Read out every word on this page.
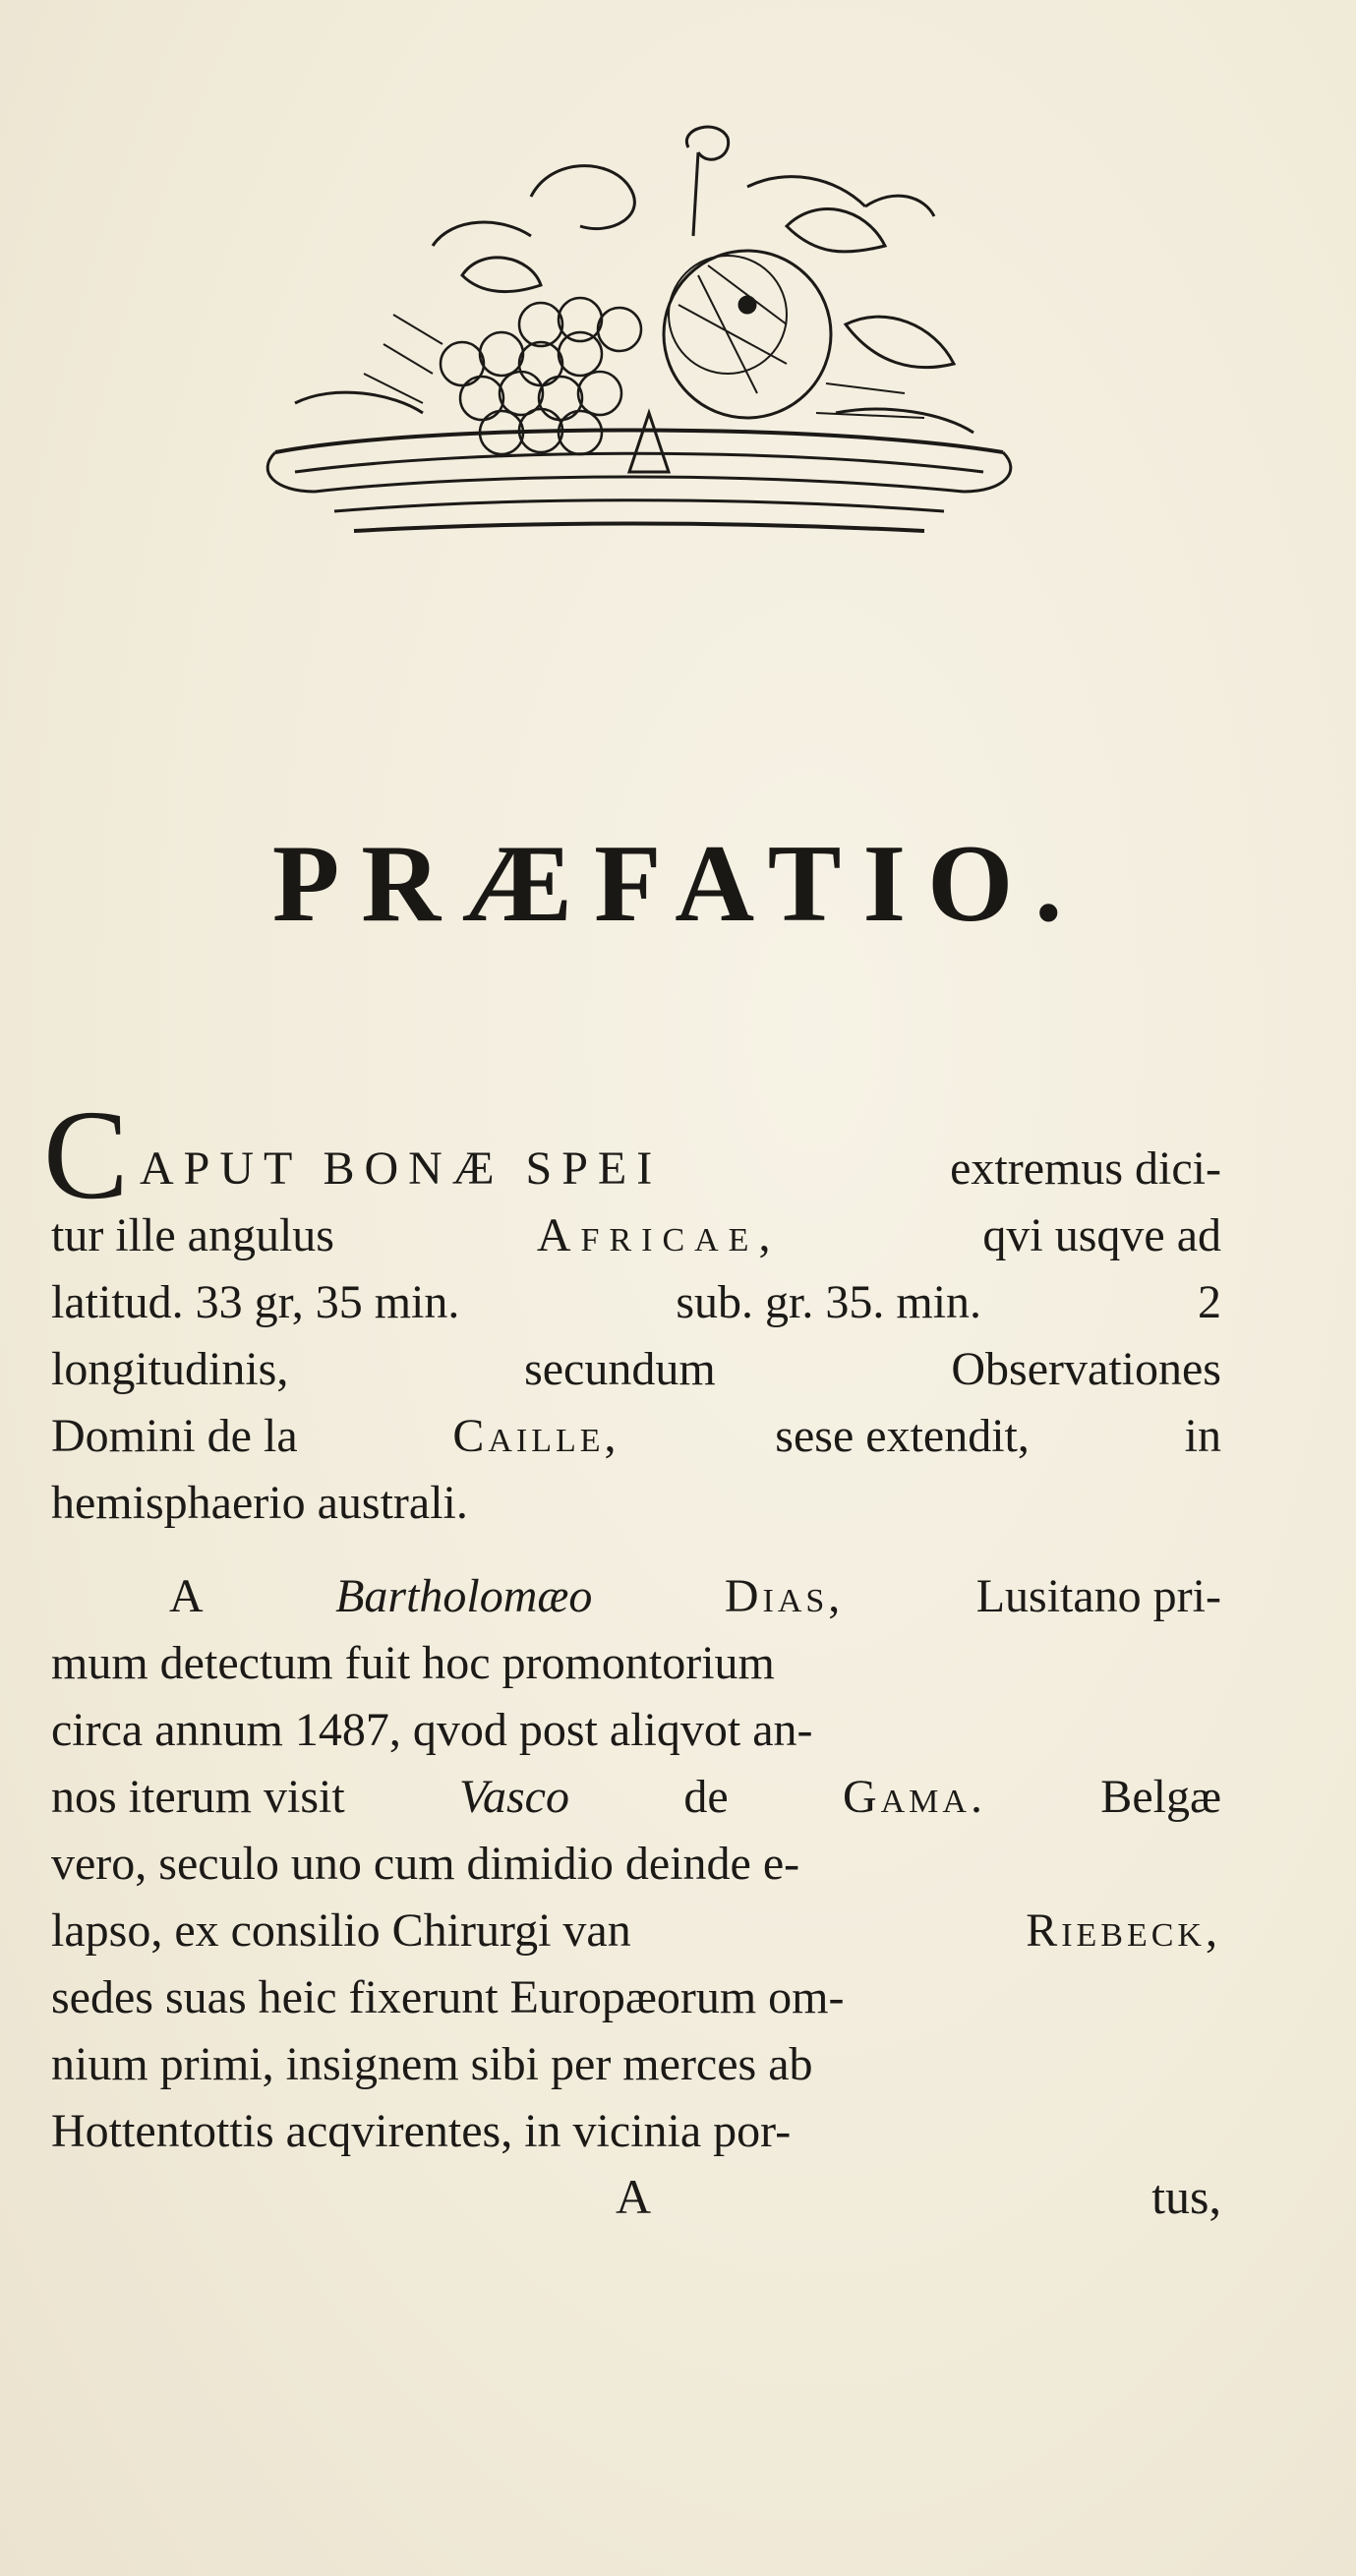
PRÆFATIO.
C APUT BONÆ SPEI	extremus dici-
tur ille angulus	Africae,	qvi usqve ad
latitud. 33 gr, 35 min.	sub. gr. 35. min.	2
longitudinis,	secundum	Observationes
Domini de la	Caille,	sese extendit,	in
hemisphaerio australi.
A	Bartholomæo	Dias,	Lusitano pri-
mum detectum fuit hoc promontorium
circa annum 1487, qvod post aliqvot an-
nos iterum visit Vasco de Gama. Belgæ
vero, seculo uno cum dimidio deinde e-
lapso, ex consilio Chirurgi van	Riebeck,
sedes suas heic fixerunt Europæorum om-
nium primi, insignem sibi per merces ab
Hottentottis acqvirentes, in vicinia por-
A	tus,
